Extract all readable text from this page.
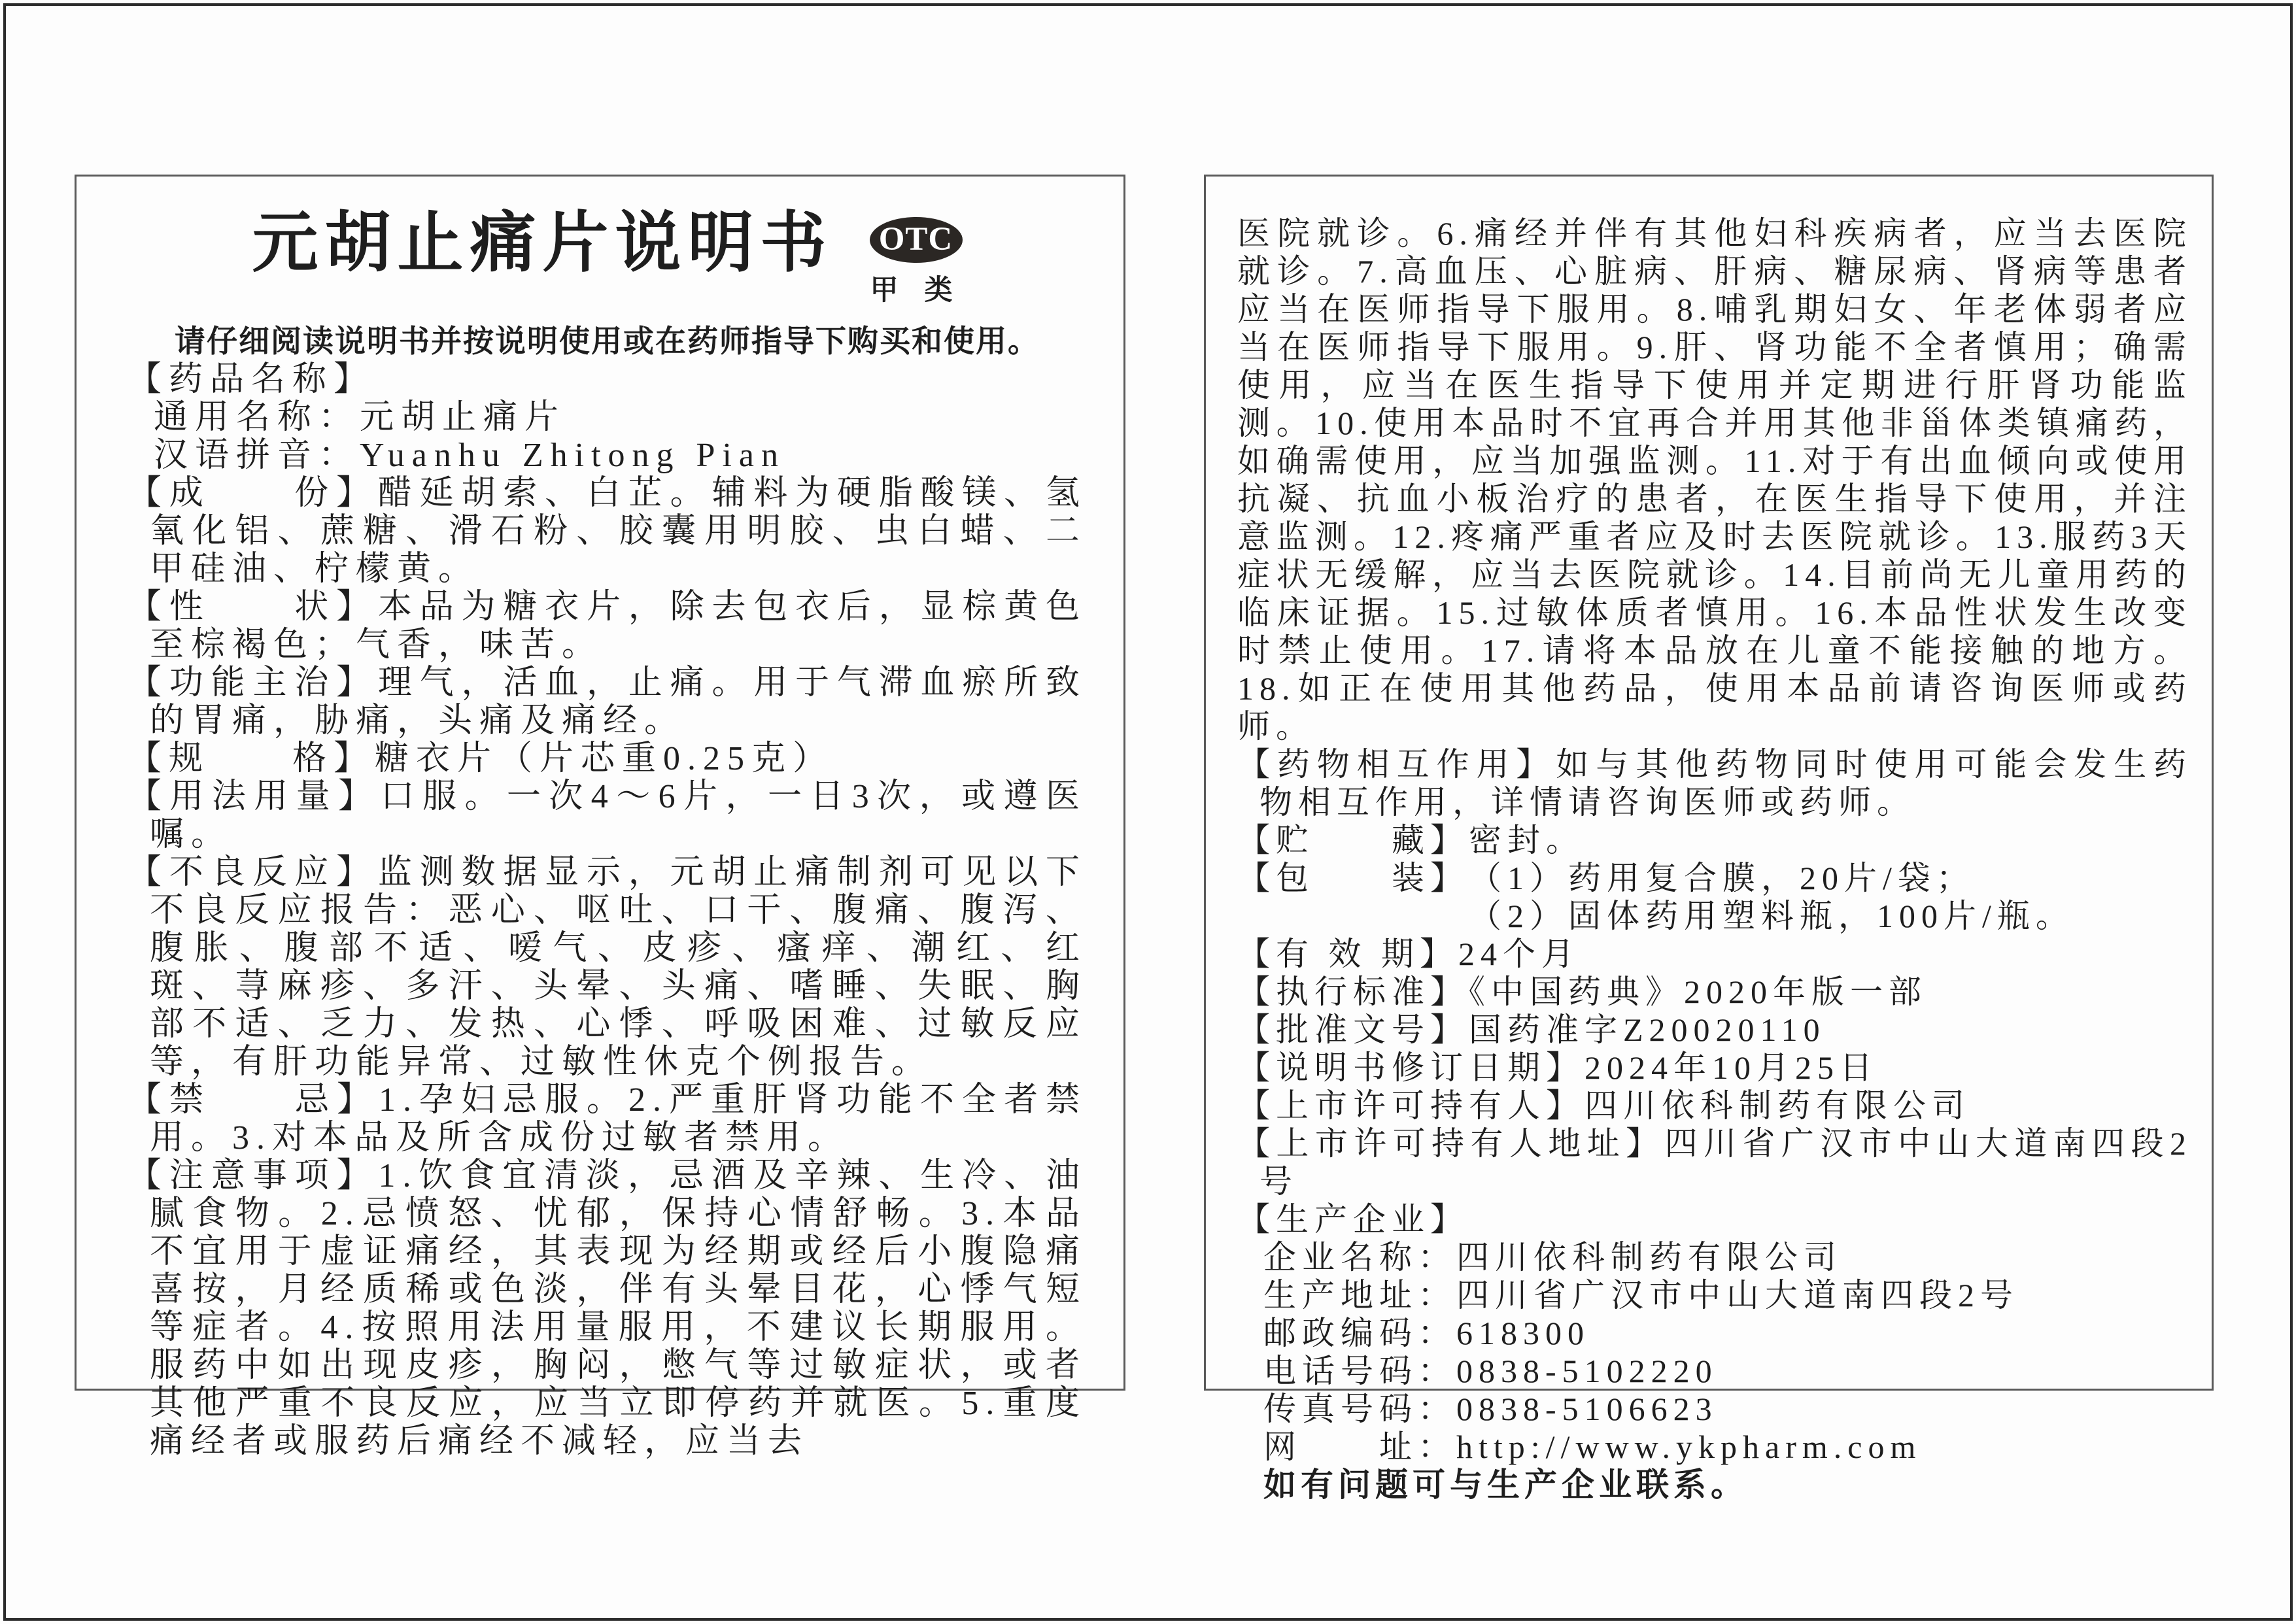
元胡止痛片说明书 OTC
甲 类

请仔细阅读说明书并按说明使用或在药师指导下购买和使用。

【药品名称】

通用名称：元胡止痛片

汉语拼音：Yuanhu Zhitong Pian

【成　　份】醋延胡索、白芷。辅料为硬脂酸镁、氢氧化铝、蔗糖、滑石粉、胶囊用明胶、虫白蜡、二甲硅油、柠檬黄。

【性　　状】本品为糖衣片，除去包衣后，显棕黄色至棕褐色；气香，味苦。

【功能主治】理气，活血，止痛。用于气滞血瘀所致的胃痛，胁痛，头痛及痛经。

【规　　格】糖衣片（片芯重0.25克）

【用法用量】口服。一次4～6片，一日3次，或遵医嘱。

【不良反应】监测数据显示，元胡止痛制剂可见以下不良反应报告：恶心、呕吐、口干、腹痛、腹泻、腹胀、腹部不适、嗳气、皮疹、瘙痒、潮红、红斑、荨麻疹、多汗、头晕、头痛、嗜睡、失眠、胸部不适、乏力、发热、心悸、呼吸困难、过敏反应等，有肝功能异常、过敏性休克个例报告。

【禁　　忌】1.孕妇忌服。2.严重肝肾功能不全者禁用。3.对本品及所含成份过敏者禁用。

【注意事项】1.饮食宜清淡，忌酒及辛辣、生冷、油腻食物。2.忌愤怒、忧郁，保持心情舒畅。3.本品不宜用于虚证痛经，其表现为经期或经后小腹隐痛喜按，月经质稀或色淡，伴有头晕目花，心悸气短等症者。4.按照用法用量服用，不建议长期服用。服药中如出现皮疹，胸闷，憋气等过敏症状，或者其他严重不良反应，应当立即停药并就医。5.重度痛经者或服药后痛经不减轻，应当去

医院就诊。6.痛经并伴有其他妇科疾病者，应当去医院就诊。7.高血压、心脏病、肝病、糖尿病、肾病等患者应当在医师指导下服用。8.哺乳期妇女、年老体弱者应当在医师指导下服用。9.肝、肾功能不全者慎用；确需使用，应当在医生指导下使用并定期进行肝肾功能监测。10.使用本品时不宜再合并用其他非甾体类镇痛药，如确需使用，应当加强监测。11.对于有出血倾向或使用抗凝、抗血小板治疗的患者，在医生指导下使用，并注意监测。12.疼痛严重者应及时去医院就诊。13.服药3天症状无缓解，应当去医院就诊。14.目前尚无儿童用药的临床证据。15.过敏体质者慎用。16.本品性状发生改变时禁止使用。17.请将本品放在儿童不能接触的地方。18.如正在使用其他药品，使用本品前请咨询医师或药师。

【药物相互作用】如与其他药物同时使用可能会发生药物相互作用，详情请咨询医师或药师。

【贮　　藏】密封。

【包　　装】 （1）药用复合膜，20片/袋；
（2）固体药用塑料瓶，100片/瓶。

【有 效 期】24个月

【执行标准】《中国药典》2020年版一部

【批准文号】国药准字Z20020110

【说明书修订日期】2024年10月25日

【上市许可持有人】四川依科制药有限公司

【上市许可持有人地址】四川省广汉市中山大道南四段2号

【生产企业】

企业名称：四川依科制药有限公司

生产地址：四川省广汉市中山大道南四段2号

邮政编码：618300

电话号码：0838-5102220

传真号码：0838-5106623

网　　址：http://www.ykpharm.com

如有问题可与生产企业联系。
